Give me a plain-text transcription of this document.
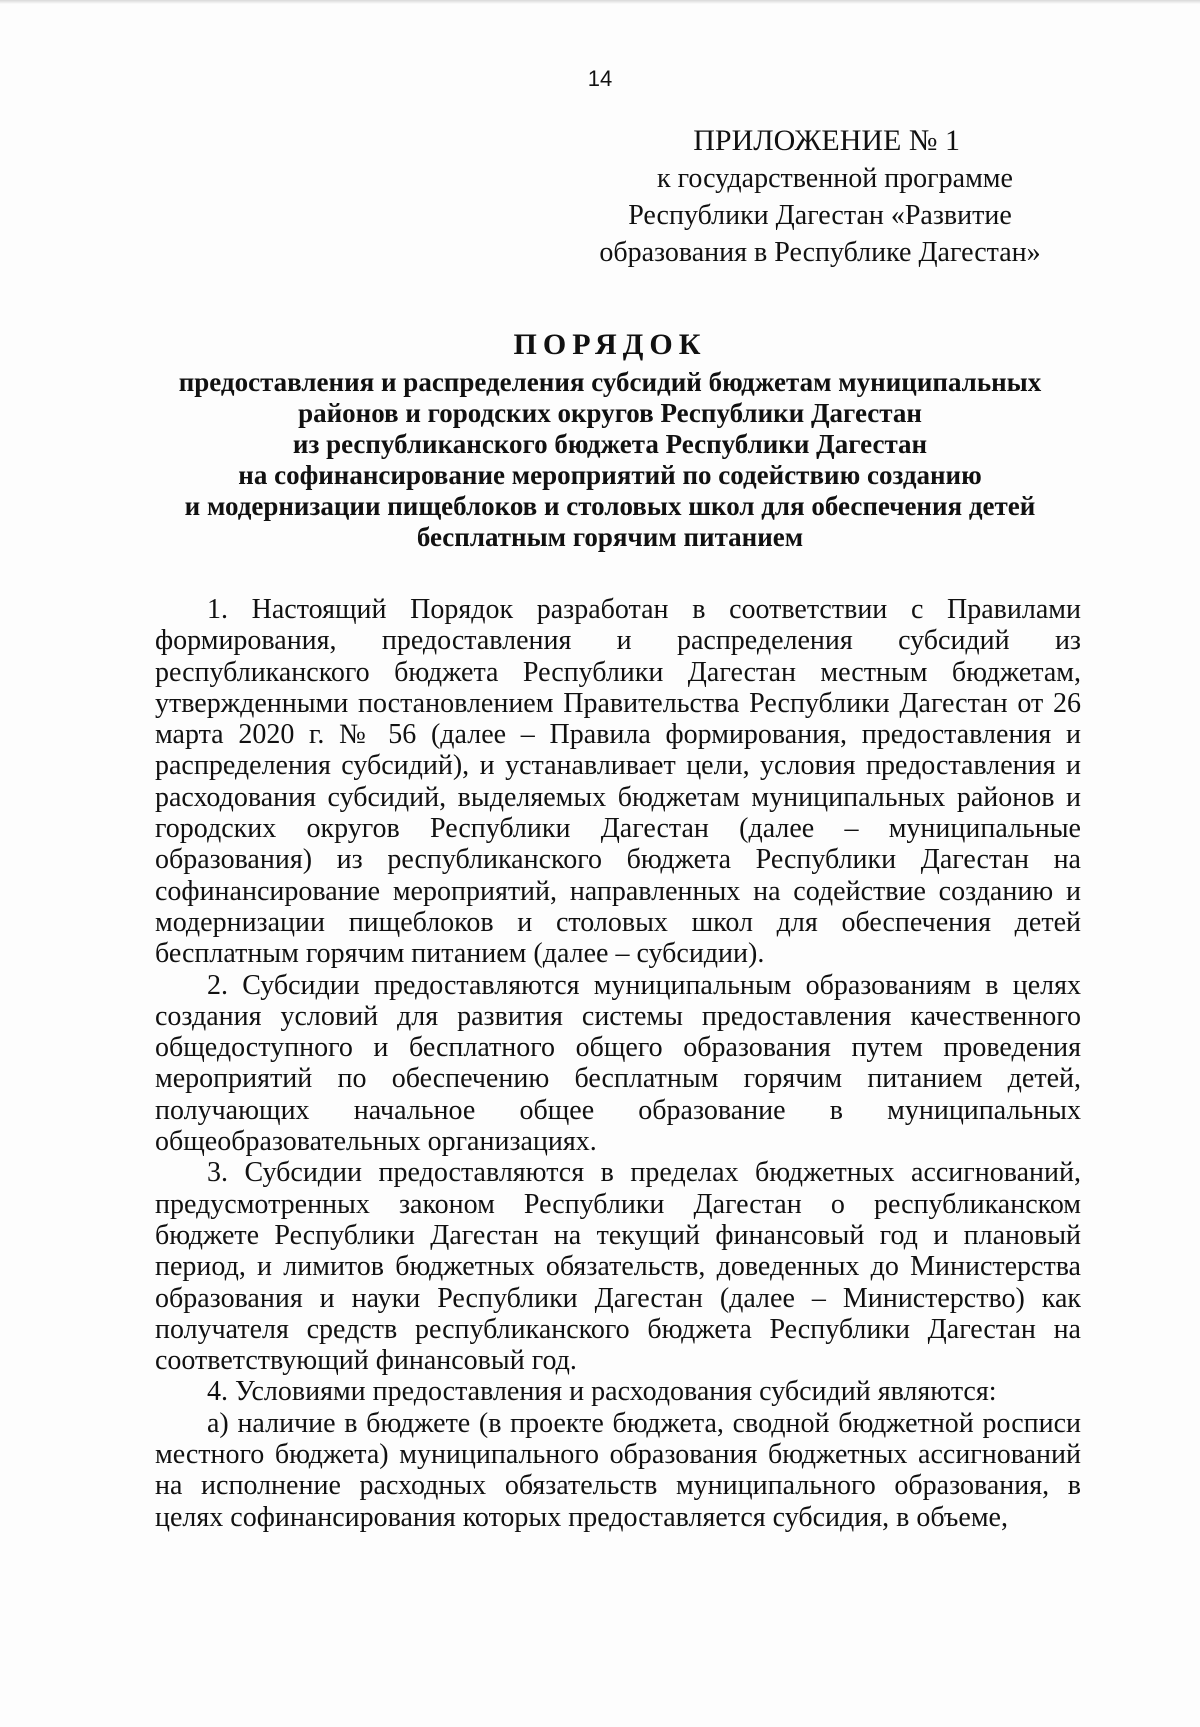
14
ПРИЛОЖЕНИЕ № 1
к государственной программе
Республики Дагестан «Развитие
образования в Республике Дагестан»
ПОРЯДОК
предоставления и распределения субсидий бюджетам муниципальных
районов и городских округов Республики Дагестан
из республиканского бюджета Республики Дагестан
на софинансирование мероприятий по содействию созданию
и модернизации пищеблоков и столовых школ для обеспечения детей
бесплатным горячим питанием

1. Настоящий Порядок разработан в соответствии с Правилами формирования, предоставления и распределения субсидий из республиканского бюджета Республики Дагестан местным бюджетам, утвержденными постановлением Правительства Республики Дагестан от 26 марта 2020 г. № 56 (далее – Правила формирования, предоставления и распределения субсидий), и устанавливает цели, условия предоставления и расходования субсидий, выделяемых бюджетам муниципальных районов и городских округов Республики Дагестан (далее – муниципальные образования) из республиканского бюджета Республики Дагестан на софинансирование мероприятий, направленных на содействие созданию и модернизации пищеблоков и столовых школ для обеспечения детей бесплатным горячим питанием (далее – субсидии).

2. Субсидии предоставляются муниципальным образованиям в целях создания условий для развития системы предоставления качественного общедоступного и бесплатного общего образования путем проведения мероприятий по обеспечению бесплатным горячим питанием детей, получающих начальное общее образование в муниципальных общеобразовательных организациях.

3. Субсидии предоставляются в пределах бюджетных ассигнований, предусмотренных законом Республики Дагестан о республиканском бюджете Республики Дагестан на текущий финансовый год и плановый период, и лимитов бюджетных обязательств, доведенных до Министерства образования и науки Республики Дагестан (далее – Министерство) как получателя средств республиканского бюджета Республики Дагестан на соответствующий финансовый год.

4. Условиями предоставления и расходования субсидий являются:

а) наличие в бюджете (в проекте бюджета, сводной бюджетной росписи местного бюджета) муниципального образования бюджетных ассигнований на исполнение расходных обязательств муниципального образования, в целях софинансирования которых предоставляется субсидия, в объеме,
